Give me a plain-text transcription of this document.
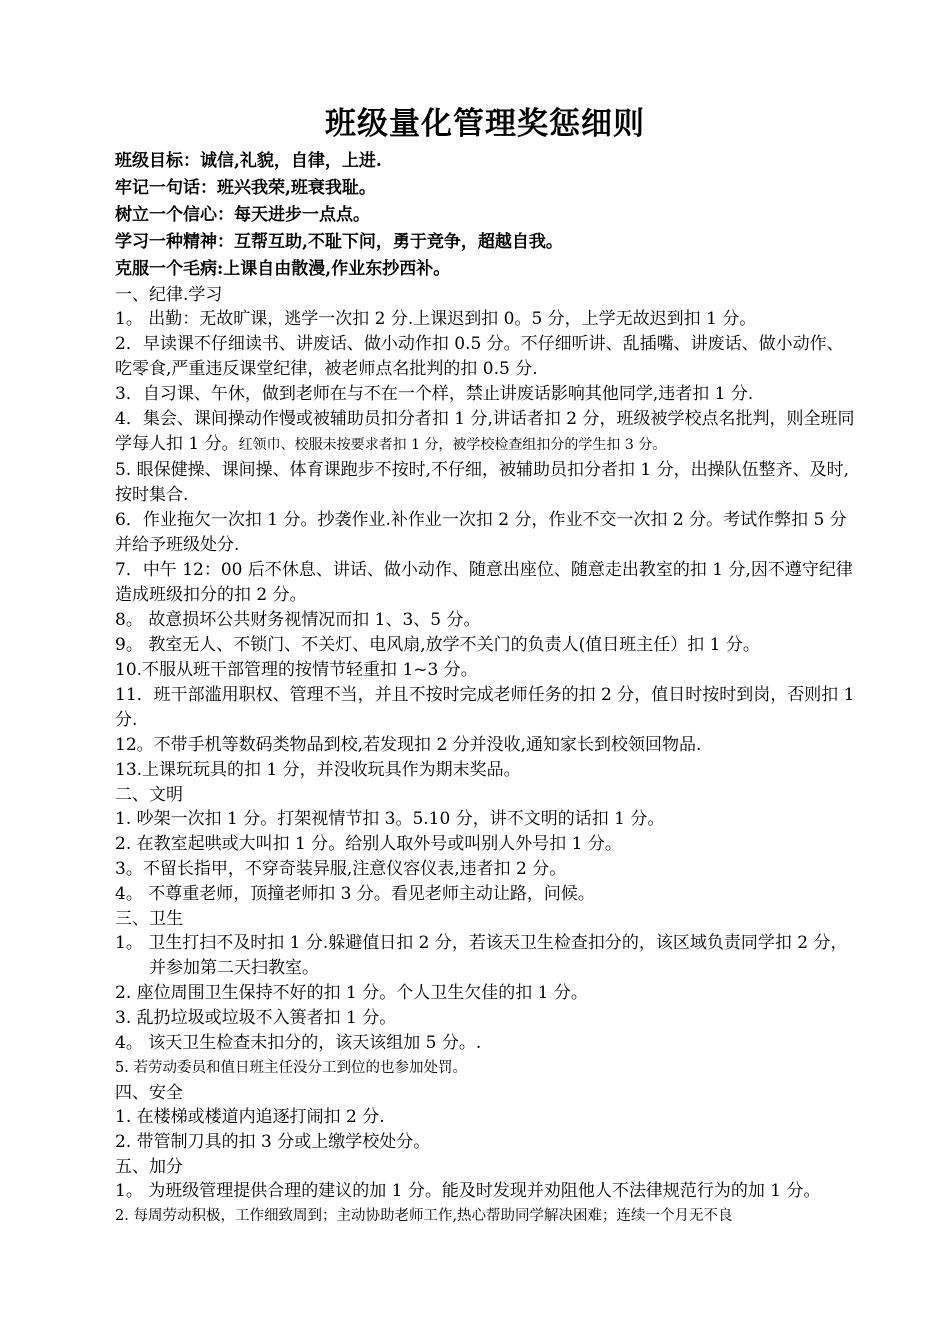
班级量化管理奖惩细则
班级目标：诚信,礼貌，自律，上进.
牢记一句话：班兴我荣,班衰我耻。
树立一个信心：每天进步一点点。
学习一种精神：互帮互助,不耻下问，勇于竞争，超越自我。
克服一个毛病:上课自由散漫,作业东抄西补。
一、纪律.学习
1。 出勤：无故旷课，逃学一次扣 2 分.上课迟到扣 0。5 分，上学无故迟到扣 1 分。
2．早读课不仔细读书、讲废话、做小动作扣 0.5 分。不仔细听讲、乱插嘴、讲废话、做小动作、吃零食,严重违反课堂纪律，被老师点名批判的扣 0.5 分.
3．自习课、午休，做到老师在与不在一个样，禁止讲废话影响其他同学,违者扣 1 分.
4．集会、课间操动作慢或被辅助员扣分者扣 1 分,讲话者扣 2 分，班级被学校点名批判，则全班同学每人扣 1 分。红领巾、校服未按要求者扣 1 分，被学校检查组扣分的学生扣 3 分。
5. 眼保健操、课间操、体育课跑步不按时,不仔细，被辅助员扣分者扣 1 分，出操队伍整齐、及时,按时集合.
6．作业拖欠一次扣 1 分。抄袭作业.补作业一次扣 2 分，作业不交一次扣 2 分。考试作弊扣 5 分并给予班级处分.
7．中午 12：00 后不休息、讲话、做小动作、随意出座位、随意走出教室的扣 1 分,因不遵守纪律造成班级扣分的扣 2 分。
8。 故意损坏公共财务视情况而扣 1、3、5 分。
9。 教室无人、不锁门、不关灯、电风扇,放学不关门的负责人(值日班主任）扣 1 分。
10.不服从班干部管理的按情节轻重扣 1~3 分。
11．班干部滥用职权、管理不当，并且不按时完成老师任务的扣 2 分，值日时按时到岗，否则扣 1 分.
12。不带手机等数码类物品到校,若发现扣 2 分并没收,通知家长到校领回物品.
13.上课玩玩具的扣 1 分，并没收玩具作为期末奖品。
二、文明
1. 吵架一次扣 1 分。打架视情节扣 3。5.10 分，讲不文明的话扣 1 分。
2. 在教室起哄或大叫扣 1 分。给别人取外号或叫别人外号扣 1 分。
3。不留长指甲，不穿奇装异服,注意仪容仪表,违者扣 2 分。
4。 不尊重老师，顶撞老师扣 3 分。看见老师主动让路，问候。
三、卫生
1。 卫生打扫不及时扣 1 分.躲避值日扣 2 分，若该天卫生检查扣分的，该区域负责同学扣 2 分，并参加第二天扫教室。
2. 座位周围卫生保持不好的扣 1 分。个人卫生欠佳的扣 1 分。
3. 乱扔垃圾或垃圾不入篑者扣 1 分。
4。 该天卫生检查未扣分的，该天该组加 5 分。.
5. 若劳动委员和值日班主任没分工到位的也参加处罚。
四、安全
1. 在楼梯或楼道内追逐打闹扣 2 分.
2. 带管制刀具的扣 3 分或上缴学校处分。
五、加分
1。 为班级管理提供合理的建议的加 1 分。能及时发现并劝阻他人不法律规范行为的加 1 分。
2. 每周劳动积极，工作细致周到；主动协助老师工作,热心帮助同学解决困难；连续一个月无不良
